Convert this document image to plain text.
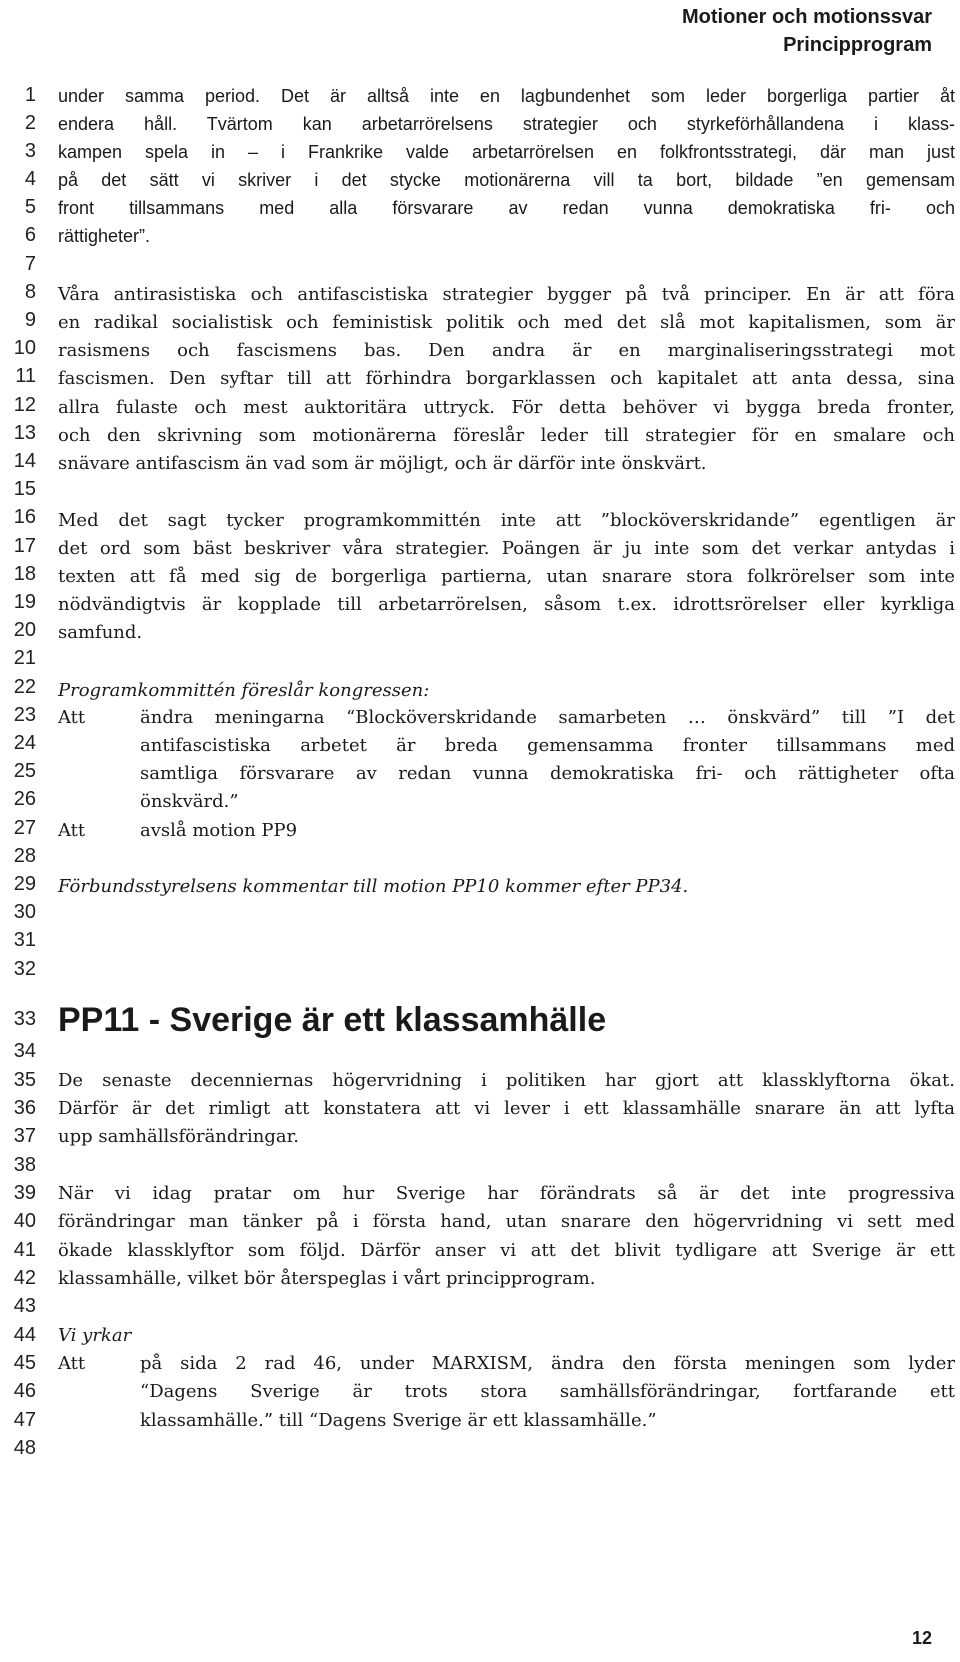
Motioner och motionssvar
Principprogram
1
2
3
4
5
6
7
8
9
10
11
12
13
14
15
16
17
18
19
20
21
22
23
24
25
26
27
28
29
30
31
32
33
34
35
36
37
38
39
40
41
42
43
44
45
46
47
48
under samma period. Det är alltså inte en lagbundenhet som leder borgerliga partier åt
endera håll. Tvärtom kan arbetarrörelsens strategier och styrkeförhållandena i klass-
kampen spela in – i Frankrike valde arbetarrörelsen en folkfrontsstrategi, där man just
på det sätt vi skriver i det stycke motionärerna vill ta bort, bildade ”en gemensam
front tillsammans med alla försvarare av redan vunna demokratiska fri- och
rättigheter”.
Våra antirasistiska och antifascistiska strategier bygger på två principer. En är att föra
en radikal socialistisk och feministisk politik och med det slå mot kapitalismen, som är
rasismens och fascismens bas. Den andra är en marginaliseringsstrategi mot
fascismen. Den syftar till att förhindra borgarklassen och kapitalet att anta dessa, sina
allra fulaste och mest auktoritära uttryck. För detta behöver vi bygga breda fronter,
och den skrivning som motionärerna föreslår leder till strategier för en smalare och
snävare antifascism än vad som är möjligt, och är därför inte önskvärt.
Med det sagt tycker programkommittén inte att ”blocköverskridande” egentligen är
det ord som bäst beskriver våra strategier. Poängen är ju inte som det verkar antydas i
texten att få med sig de borgerliga partierna, utan snarare stora folkrörelser som inte
nödvändigtvis är kopplade till arbetarrörelsen, såsom t.ex. idrottsrörelser eller kyrkliga
samfund.
Programkommittén föreslår kongressen:
Att	ändra meningarna “Blocköverskridande samarbeten … önskvärd” till ”I det
antifascistiska arbetet är breda gemensamma fronter tillsammans med
samtliga försvarare av redan vunna demokratiska fri- och rättigheter ofta
önskvärd.”
Att	avslå motion PP9
Förbundsstyrelsens kommentar till motion PP10 kommer efter PP34.
PP11 - Sverige är ett klassamhälle
De senaste decenniernas högervridning i politiken har gjort att klassklyftorna ökat.
Därför är det rimligt att konstatera att vi lever i ett klassamhälle snarare än att lyfta
upp samhällsförändringar.
När vi idag pratar om hur Sverige har förändrats så är det inte progressiva
förändringar man tänker på i första hand, utan snarare den högervridning vi sett med
ökade klassklyftor som följd. Därför anser vi att det blivit tydligare att Sverige är ett
klassamhälle, vilket bör återspeglas i vårt principprogram.
Vi yrkar
Att	på sida 2 rad 46, under MARXISM, ändra den första meningen som lyder
“Dagens Sverige är trots stora samhällsförändringar, fortfarande ett
klassamhälle.” till “Dagens Sverige är ett klassamhälle.”
12
